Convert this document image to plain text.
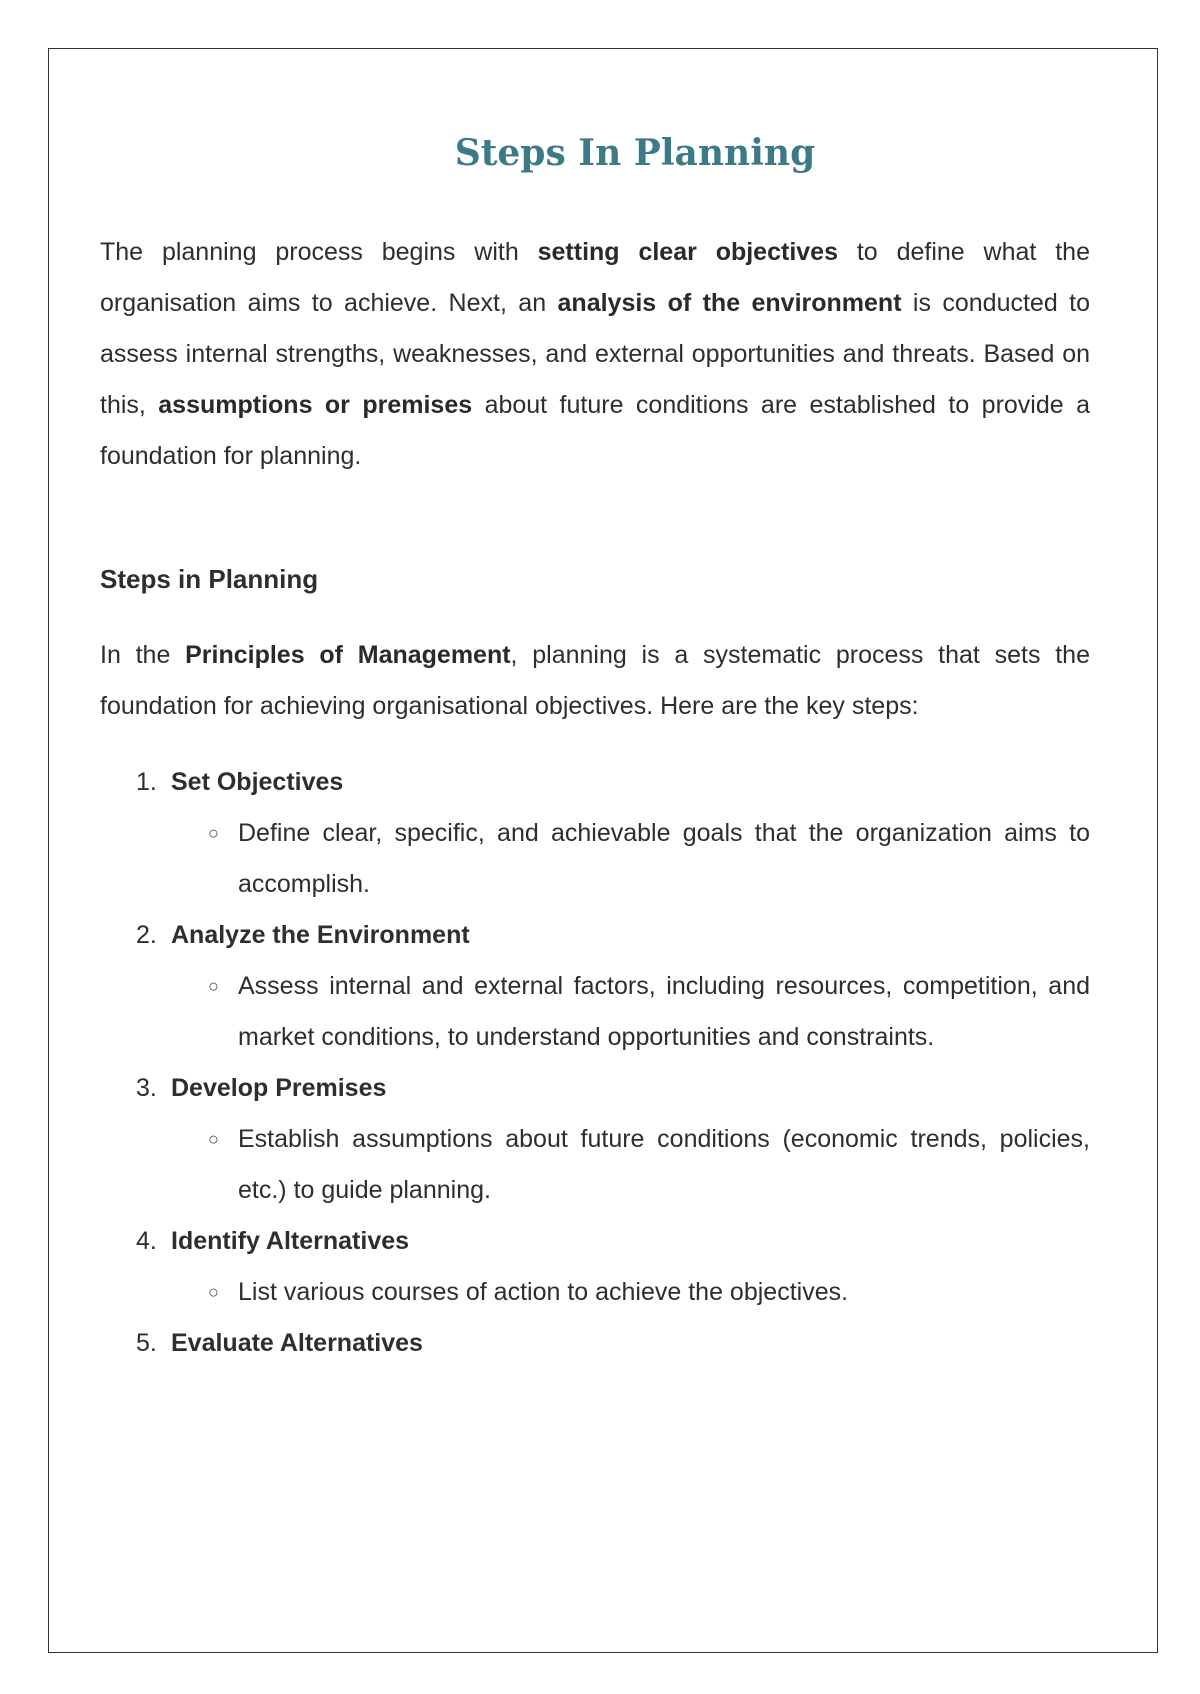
Steps In Planning

The planning process begins with setting clear objectives to define what the organisation aims to achieve. Next, an analysis of the environment is conducted to assess internal strengths, weaknesses, and external opportunities and threats. Based on this, assumptions or premises about future conditions are established to provide a foundation for planning.

Steps in Planning

In the Principles of Management, planning is a systematic process that sets the foundation for achieving organisational objectives. Here are the key steps:

1. Set Objectives
○ Define clear, specific, and achievable goals that the organization aims to accomplish.
2. Analyze the Environment
○ Assess internal and external factors, including resources, competition, and market conditions, to understand opportunities and constraints.
3. Develop Premises
○ Establish assumptions about future conditions (economic trends, policies, etc.) to guide planning.
4. Identify Alternatives
○ List various courses of action to achieve the objectives.
5. Evaluate Alternatives
